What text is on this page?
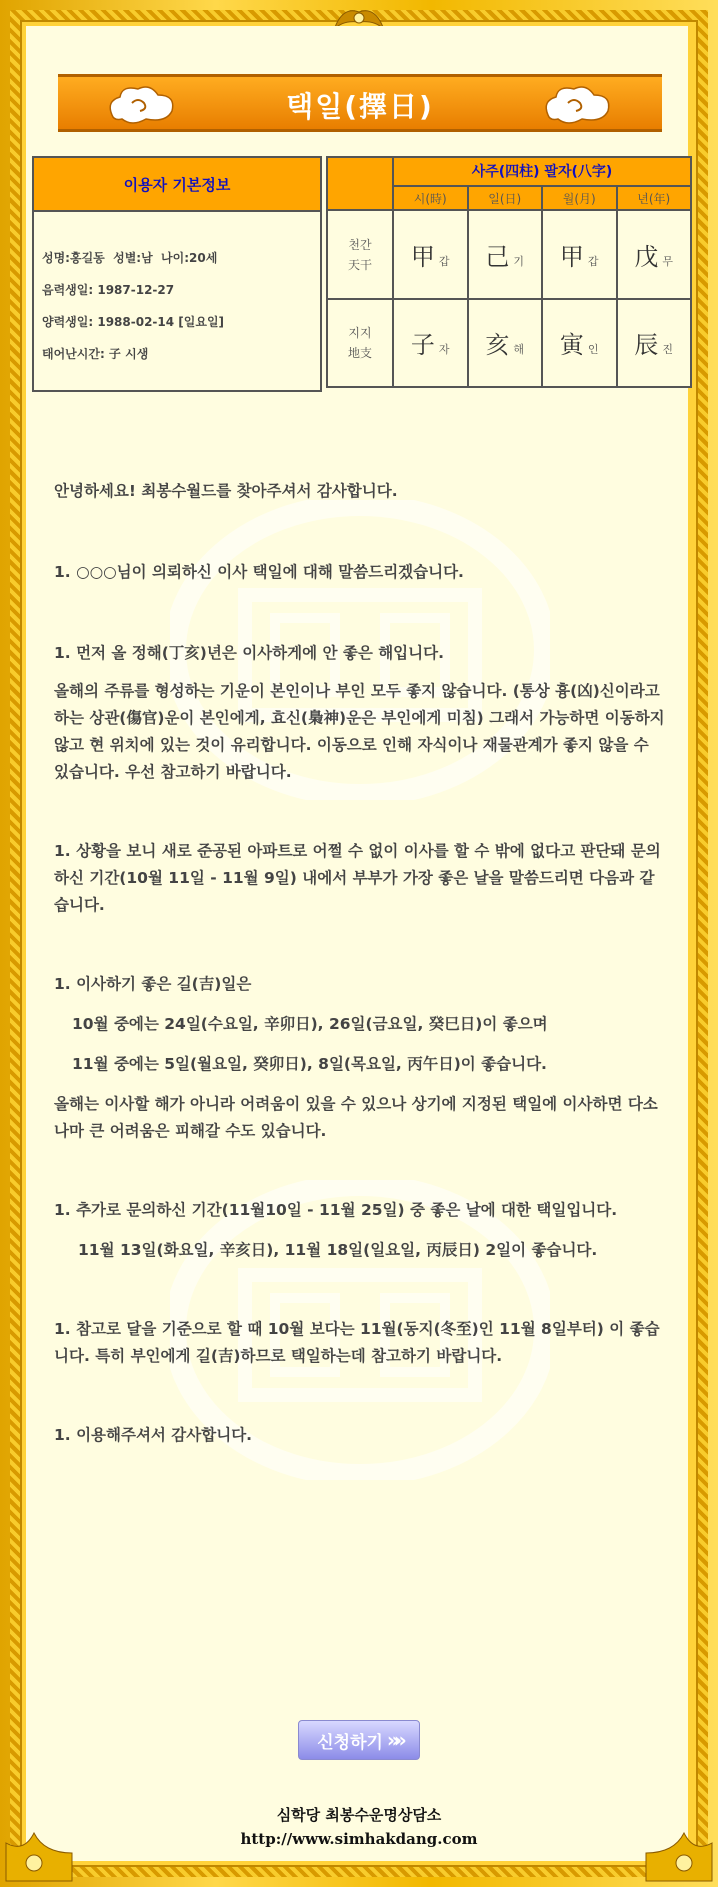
택일(擇日)
이용자 기본정보
성명:홍길동  성별:남  나이:20세
음력생일: 1987-12-27
양력생일: 1988-02-14 [일요일]
태어난시간: 子 시생
	사주(四柱) 팔자(八字)			
	시(時)	일(日)	월(月)	년(年)
천간
天干	甲 갑	己 기	甲 갑	戊 무
지지
地支	子 자	亥 해	寅 인	辰 진

안녕하세요! 최봉수월드를 찾아주셔서 감사합니다.

1. ○○○님이 의뢰하신 이사 택일에 대해 말씀드리겠습니다.

1. 먼저 올 정해(丁亥)년은 이사하게에 안 좋은 해입니다.

올해의 주류를 형성하는 기운이 본인이나 부인 모두 좋지 않습니다. (통상 흉(凶)신이라고 하는 상관(傷官)운이 본인에게, 효신(梟神)운은 부인에게 미침) 그래서 가능하면 이동하지 않고 현 위치에 있는 것이 유리합니다. 이동으로 인해 자식이나 재물관계가 좋지 않을 수 있습니다. 우선 참고하기 바랍니다.

1. 상황을 보니 새로 준공된 아파트로 어쩔 수 없이 이사를 할 수 밖에 없다고 판단돼 문의하신 기간(10월 11일 - 11월 9일) 내에서 부부가 가장 좋은 날을 말씀드리면 다음과 같습니다.

1. 이사하기 좋은 길(吉)일은

10월 중에는 24일(수요일, 辛卯日), 26일(금요일, 癸巳日)이 좋으며

11월 중에는 5일(월요일, 癸卯日), 8일(목요일, 丙午日)이 좋습니다.

올해는 이사할 해가 아니라 어려움이 있을 수 있으나 상기에 지정된 택일에 이사하면 다소나마 큰 어려움은 피해갈 수도 있습니다.

1. 추가로 문의하신 기간(11월10일 - 11월 25일) 중 좋은 날에 대한 택일입니다.

11월 13일(화요일, 辛亥日), 11월 18일(일요일, 丙辰日) 2일이 좋습니다.

1. 참고로 달을 기준으로 할 때 10월 보다는 11월(동지(冬至)인 11월 8일부터) 이 좋습니다. 특히 부인에게 길(吉)하므로 택일하는데 참고하기 바랍니다.

1. 이용해주셔서 감사합니다.

신청하기 »»
심학당 최봉수운명상담소
http://www.simhakdang.com
